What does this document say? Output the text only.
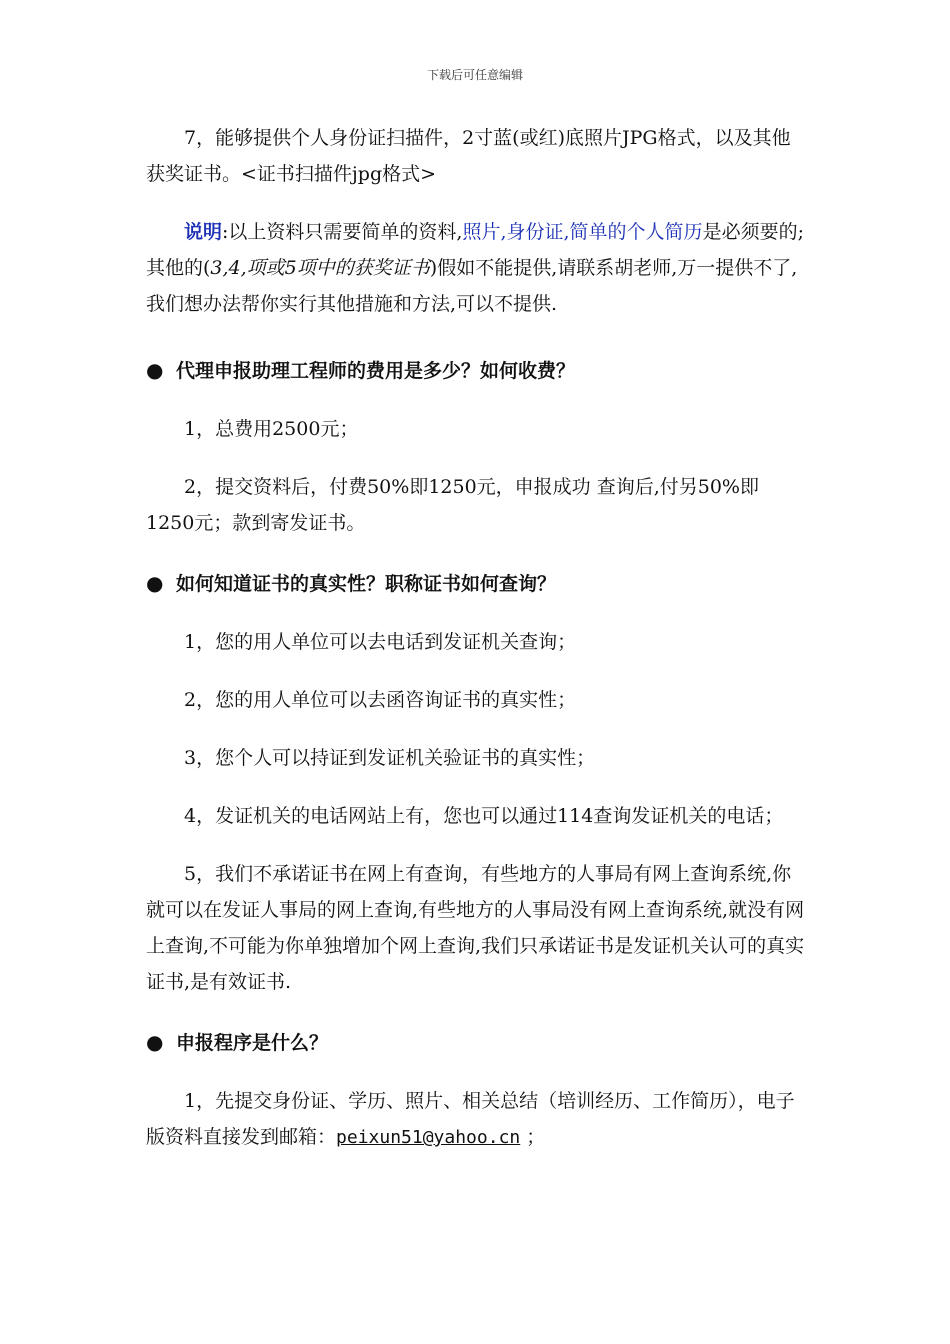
下载后可任意编辑

7，能够提供个人身份证扫描件，2寸蓝(或红)底照片JPG格式，以及其他获奖证书。<证书扫描件jpg格式>

说明:以上资料只需要简单的资料,照片,身份证,简单的个人简历是必须要的;其他的(3,4,项或5项中的获奖证书)假如不能提供,请联系胡老师,万一提供不了,我们想办法帮你实行其他措施和方法,可以不提供.

● 代理申报助理工程师的费用是多少？如何收费？

1，总费用2500元；

2，提交资料后，付费50%即1250元，申报成功 查询后,付另50%即1250元；款到寄发证书。

● 如何知道证书的真实性？职称证书如何查询？

1，您的用人单位可以去电话到发证机关查询；

2，您的用人单位可以去函咨询证书的真实性；

3，您个人可以持证到发证机关验证书的真实性；

4，发证机关的电话网站上有，您也可以通过114查询发证机关的电话；

5，我们不承诺证书在网上有查询，有些地方的人事局有网上查询系统,你就可以在发证人事局的网上查询,有些地方的人事局没有网上查询系统,就没有网上查询,不可能为你单独增加个网上查询,我们只承诺证书是发证机关认可的真实证书,是有效证书.

● 申报程序是什么？

1，先提交身份证、学历、照片、相关总结（培训经历、工作简历），电子版资料直接发到邮箱：peixun51@yahoo.cn ；
